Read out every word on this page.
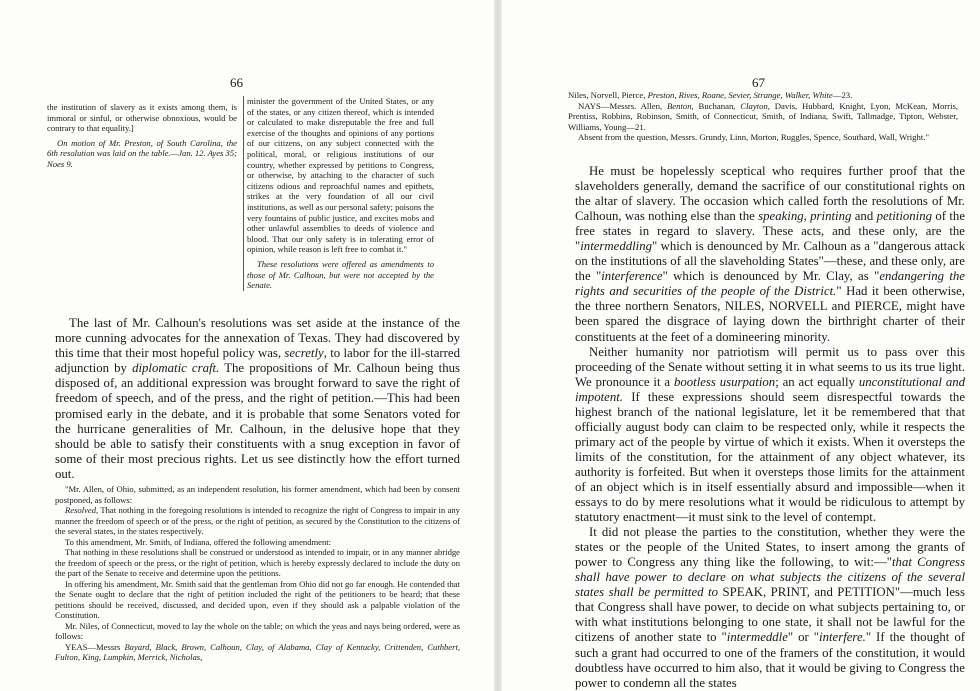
66

the institution of slavery as it exists among them, is immoral or sinful, or otherwise obnoxious, would be contrary to that equality.]

On motion of Mr. Preston, of South Carolina, the 6th resolution was laid on the table.—Jan. 12. Ayes 35; Noes 9.

minister the government of the United States, or any of the states, or any citizen thereof, which is intended or calculated to make disreputable the free and full exercise of the thoughts and opinions of any portions of our citizens, on any subject connected with the political, moral, or religious institutions of our country, whether expressed by petitions to Congress, or otherwise, by attaching to the character of such citizens odious and reproachful names and epithets, strikes at the very foundation of all our civil institutions, as well as our personal safety; poisons the very fountains of public justice, and excites mobs and other unlawful assemblies to deeds of violence and blood. That our only safety is in tolerating error of opinion, while reason is left free to combat it."

These resolutions were offered as amendments to those of Mr. Calhoun, but were not accepted by the Senate.

The last of Mr. Calhoun's resolutions was set aside at the instance of the more cunning advocates for the annexation of Texas. They had discovered by this time that their most hopeful policy was, secretly, to labor for the ill-starred adjunction by diplomatic craft. The propositions of Mr. Calhoun being thus disposed of, an additional expression was brought forward to save the right of freedom of speech, and of the press, and the right of petition.—This had been promised early in the debate, and it is probable that some Senators voted for the hurricane generalities of Mr. Calhoun, in the delusive hope that they should be able to satisfy their constituents with a snug exception in favor of some of their most precious rights. Let us see distinctly how the effort turned out.

"Mr. Allen, of Ohio, submitted, as an independent resolution, his former amendment, which had been by consent postponed, as follows:

Resolved, That nothing in the foregoing resolutions is intended to recognize the right of Congress to impair in any manner the freedom of speech or of the press, or the right of petition, as secured by the Constitution to the citizens of the several states, in the states respectively.

To this amendment, Mr. Smith, of Indiana, offered the following amendment:

That nothing in these resolutions shall be construed or understood as intended to impair, or in any manner abridge the freedom of speech or the press, or the right of petition, which is hereby expressly declared to include the duty on the part of the Senate to receive and determine upon the petitions.

In offering his amendment, Mr. Smith said that the gentleman from Ohio did not go far enough. He contended that the Senate ought to declare that the right of petition included the right of the petitioners to be heard; that these petitions should be received, discussed, and decided upon, even if they should ask a palpable violation of the Constitution.

Mr. Niles, of Connecticut, moved to lay the whole on the table; on which the yeas and nays being ordered, were as follows:

YEAS—Messrs Bayard, Black, Brown, Calhoun, Clay, of Alabama, Clay of Kentucky, Crittenden, Cuthbert, Fulton, King, Lumpkin, Merrick, Nicholas,

67

Niles, Norvell, Pierce, Preston, Rives, Roane, Sevier, Strange, Walker, White—23.

NAYS—Messrs. Allen, Benton, Buchanan, Clayton, Davis, Hubbard, Knight, Lyon, McKean, Morris, Prentiss, Robbins, Robinson, Smith, of Connecticut, Smith, of Indiana, Swift, Tallmadge, Tipton, Webster, Williams, Young—21.

Absent from the question, Messrs. Grundy, Linn, Morton, Ruggles, Spence, Southard, Wall, Wright."

He must be hopelessly sceptical who requires further proof that the slaveholders generally, demand the sacrifice of our constitutional rights on the altar of slavery. The occasion which called forth the resolutions of Mr. Calhoun, was nothing else than the speaking, printing and petitioning of the free states in regard to slavery. These acts, and these only, are the "intermeddling" which is denounced by Mr. Calhoun as a "dangerous attack on the institutions of all the slaveholding States"—these, and these only, are the "interference" which is denounced by Mr. Clay, as "endangering the rights and securities of the people of the District." Had it been otherwise, the three northern Senators, NILES, NORVELL and PIERCE, might have been spared the disgrace of laying down the birthright charter of their constituents at the feet of a domineering minority.

Neither humanity nor patriotism will permit us to pass over this proceeding of the Senate without setting it in what seems to us its true light. We pronounce it a bootless usurpation; an act equally unconstitutional and impotent. If these expressions should seem disrespectful towards the highest branch of the national legislature, let it be remembered that that officially august body can claim to be respected only, while it respects the primary act of the people by virtue of which it exists. When it oversteps the limits of the constitution, for the attainment of any object whatever, its authority is forfeited. But when it oversteps those limits for the attainment of an object which is in itself essentially absurd and impossible—when it essays to do by mere resolutions what it would be ridiculous to attempt by statutory enactment—it must sink to the level of contempt.

It did not please the parties to the constitution, whether they were the states or the people of the United States, to insert among the grants of power to Congress any thing like the following, to wit:—"that Congress shall have power to declare on what subjects the citizens of the several states shall be permitted to SPEAK, PRINT, and PETITION"—much less that Congress shall have power, to decide on what subjects pertaining to, or with what institutions belonging to one state, it shall not be lawful for the citizens of another state to "intermeddle" or "interfere." If the thought of such a grant had occurred to one of the framers of the constitution, it would doubtless have occurred to him also, that it would be giving to Congress the power to condemn all the states
